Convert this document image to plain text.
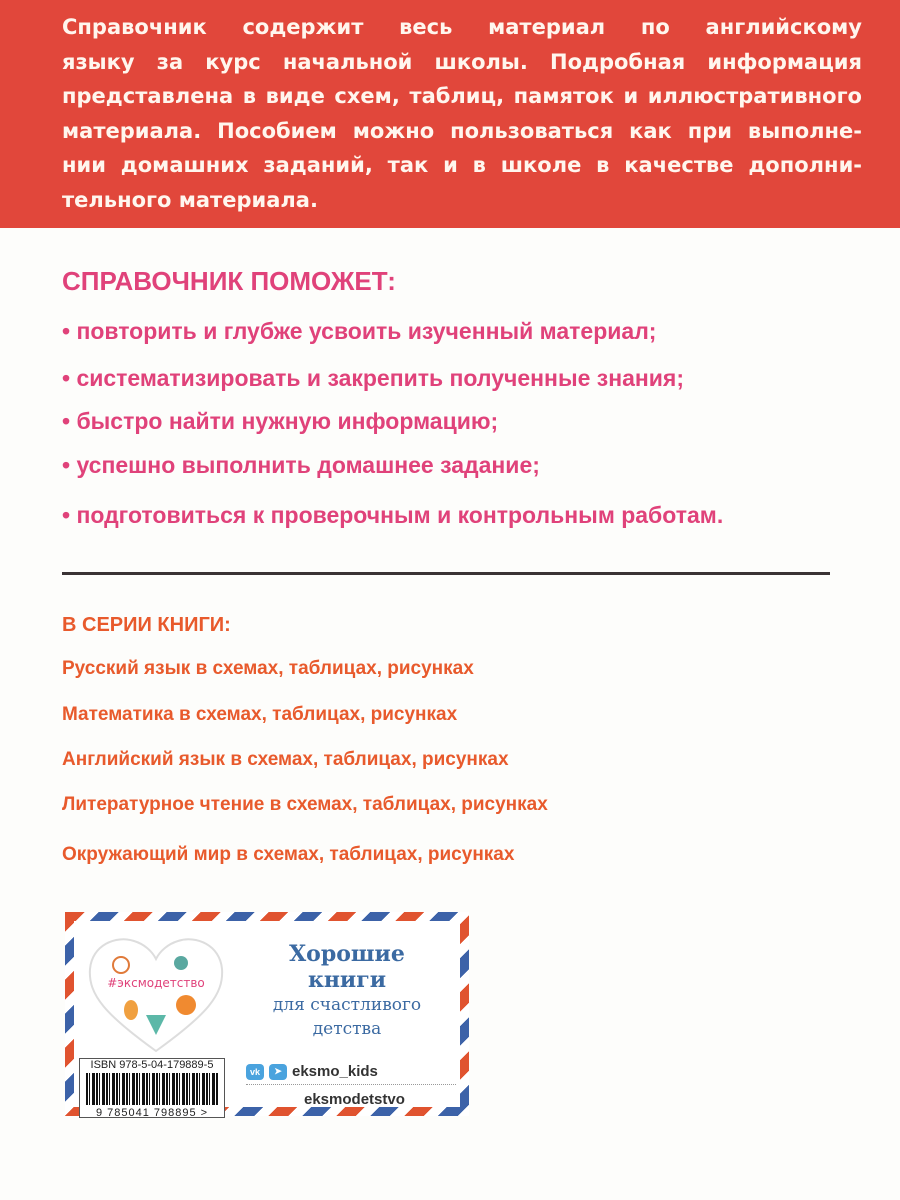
Справочник содержит весь материал по английскому
языку за курс начальной школы. Подробная информация
представлена в виде схем, таблиц, памяток и иллюстративного
материала. Пособием можно пользоваться как при выполне-
нии домашних заданий, так и в школе в качестве дополни-
тельного материала.
СПРАВОЧНИК ПОМОЖЕТ:
• повторить и глубже усвоить изученный материал;
• систематизировать и закрепить полученные знания;
• быстро найти нужную информацию;
• успешно выполнить домашнее задание;
• подготовиться к проверочным и контрольным работам.
В СЕРИИ КНИГИ:
Русский язык в схемах, таблицах, рисунках
Математика в схемах, таблицах, рисунках
Английский язык в схемах, таблицах, рисунках
Литературное чтение в схемах, таблицах, рисунках
Окружающий мир в схемах, таблицах, рисунках
#эксмодетство
ISBN 978-5-04-179889-5
9 785041 798895 >
Хорошие
книги
для счастливого
детства
vk	➤ eksmo_kids
eksmodetstvo
